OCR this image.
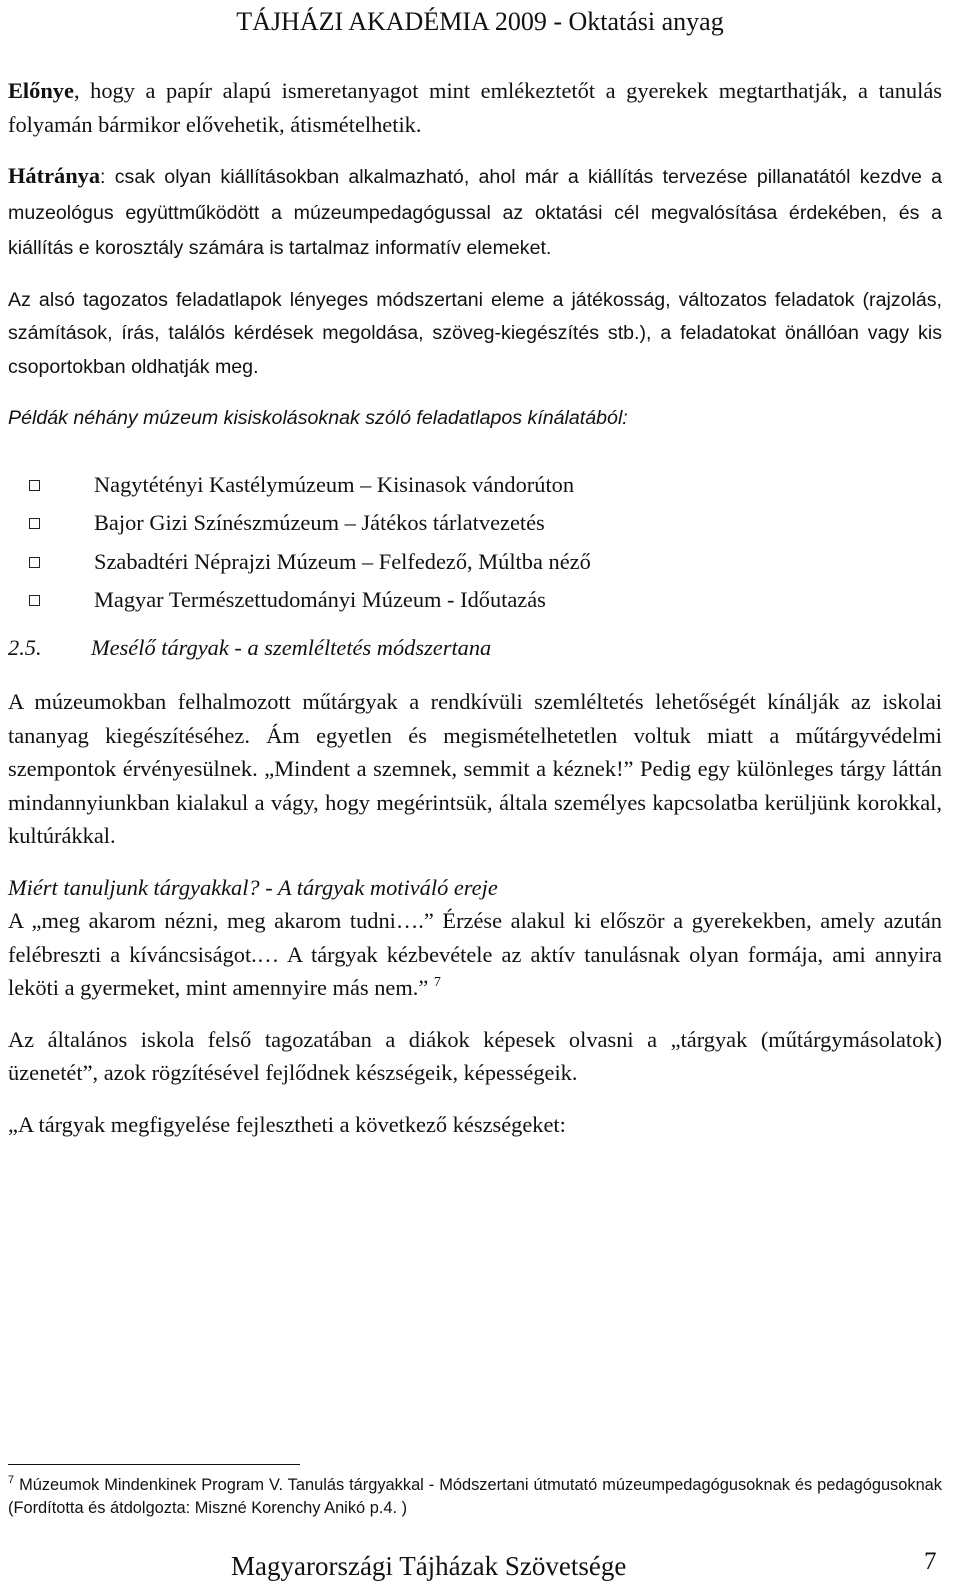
TÁJHÁZI AKADÉMIA 2009 - Oktatási anyag

Előnye, hogy a papír alapú ismeretanyagot mint emlékeztetőt a gyerekek megtarthatják, a tanulás folyamán bármikor elővehetik, átismételhetik.

Hátránya: csak olyan kiállításokban alkalmazható, ahol már a kiállítás tervezése pillanatától kezdve a muzeológus együttműködött a múzeumpedagógussal az oktatási cél megvalósítása érdekében, és a kiállítás e korosztály számára is tartalmaz informatív elemeket.

Az alsó tagozatos feladatlapok lényeges módszertani eleme a játékosság, változatos feladatok (rajzolás, számítások, írás, találós kérdések megoldása, szöveg-kiegészítés stb.), a feladatokat önállóan vagy kis csoportokban oldhatják meg.

Példák néhány múzeum kisiskolásoknak szóló feladatlapos kínálatából:

Nagytétényi Kastélymúzeum – Kisinasok vándorúton
Bajor Gizi Színészmúzeum – Játékos tárlatvezetés
Szabadtéri Néprajzi Múzeum – Felfedező, Múltba néző
Magyar Természettudományi Múzeum - Időutazás

2.5. Mesélő tárgyak - a szemléltetés módszertana

A múzeumokban felhalmozott műtárgyak a rendkívüli szemléltetés lehetőségét kínálják az iskolai tananyag kiegészítéséhez. Ám egyetlen és megismételhetetlen voltuk miatt a műtárgyvédelmi szempontok érvényesülnek. „Mindent a szemnek, semmit a kéznek!” Pedig egy különleges tárgy láttán mindannyiunkban kialakul a vágy, hogy megérintsük, általa személyes kapcsolatba kerüljünk korokkal, kultúrákkal.

Miért tanuljunk tárgyakkal? - A tárgyak motiváló ereje

A „meg akarom nézni, meg akarom tudni….” Érzése alakul ki először a gyerekekben, amely azután felébreszti a kíváncsiságot.… A tárgyak kézbevétele az aktív tanulásnak olyan formája, ami annyira leköti a gyermeket, mint amennyire más nem.” $^7$

Az általános iskola felső tagozatában a diákok képesek olvasni a „tárgyak (műtárgymásolatok) üzenetét”, azok rögzítésével fejlődnek készségeik, képességeik.

„A tárgyak megfigyelése fejlesztheti a következő készségeket:

$^7$ Múzeumok Mindenkinek Program V. Tanulás tárgyakkal - Módszertani útmutató múzeumpedagógusoknak és pedagógusoknak (Fordította és átdolgozta: Miszné Korenchy Anikó p.4. )
Magyarországi Tájházak Szövetsége	7
